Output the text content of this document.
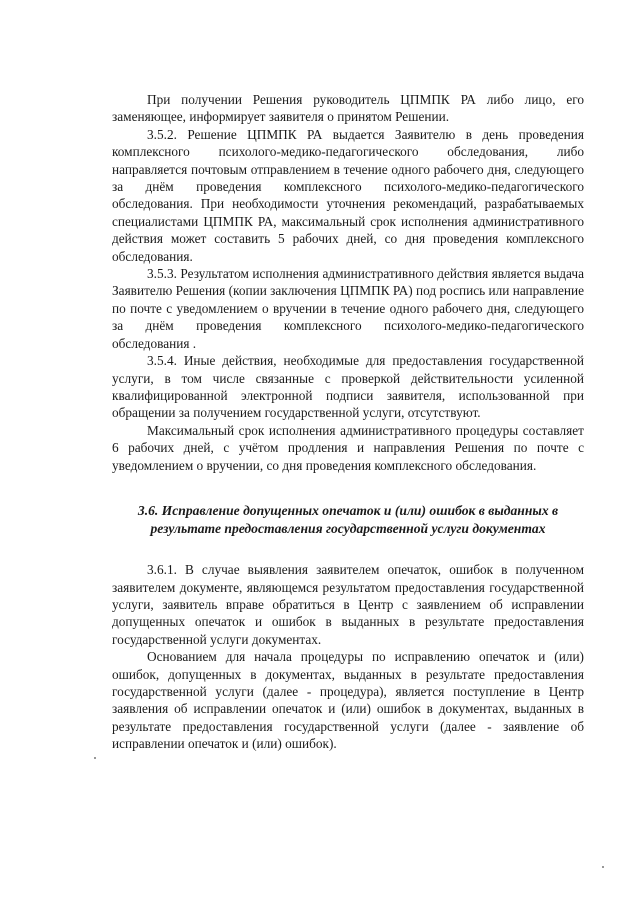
При получении Решения руководитель ЦПМПК РА либо лицо, его заменяющее, информирует заявителя о принятом Решении.

3.5.2. Решение ЦПМПК РА выдается Заявителю в день проведения комплексного психолого-медико-педагогического обследования, либо направляется почтовым отправлением в течение одного рабочего дня, следующего за днём проведения комплексного психолого-медико-педагогического обследования. При необходимости уточнения рекомендаций, разрабатываемых специалистами ЦПМПК РА, максимальный срок исполнения административного действия может составить 5 рабочих дней, со дня проведения комплексного обследования.

3.5.3. Результатом исполнения административного действия является выдача Заявителю Решения (копии заключения ЦПМПК РА) под роспись или направление по почте с уведомлением о вручении в течение одного рабочего дня, следующего за днём проведения комплексного психолого-медико-педагогического обследования .

3.5.4. Иные действия, необходимые для предоставления государственной услуги, в том числе связанные с проверкой действительности усиленной квалифицированной электронной подписи заявителя, использованной при обращении за получением государственной услуги, отсутствуют.

Максимальный срок исполнения административного процедуры составляет 6 рабочих дней, с учётом продления и направления Решения по почте с уведомлением о вручении, со дня проведения комплексного обследования.

3.6. Исправление допущенных опечаток и (или) ошибок в выданных в результате предоставления государственной услуги документах

3.6.1. В случае выявления заявителем опечаток, ошибок в полученном заявителем документе, являющемся результатом предоставления государственной услуги, заявитель вправе обратиться в Центр с заявлением об исправлении допущенных опечаток и ошибок в выданных в результате предоставления государственной услуги документах.

Основанием для начала процедуры по исправлению опечаток и (или) ошибок, допущенных в документах, выданных в результате предоставления государственной услуги (далее - процедура), является поступление в Центр заявления об исправлении опечаток и (или) ошибок в документах, выданных в результате предоставления государственной услуги (далее - заявление об исправлении опечаток и (или) ошибок).
